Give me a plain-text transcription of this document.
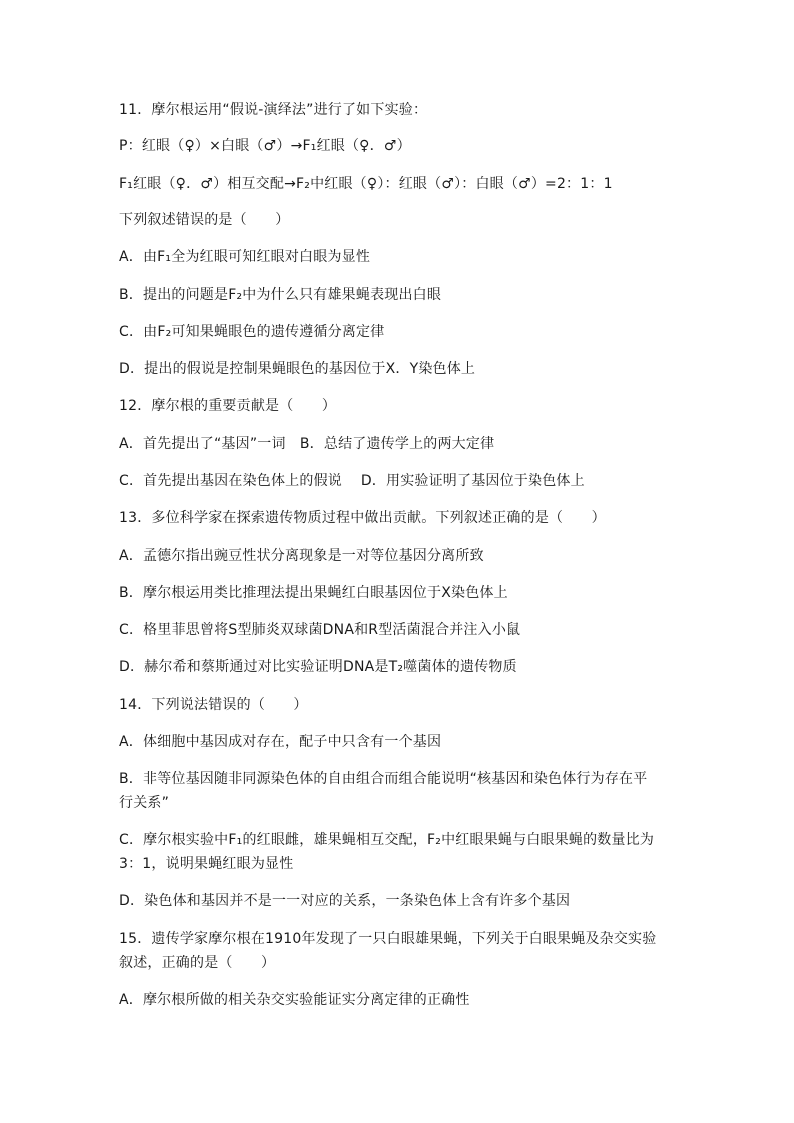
11．摩尔根运用“假说-演绎法”进行了如下实验：
P：红眼（♀）×白眼（♂）→F₁红眼（♀．♂）
F₁红眼（♀．♂）相互交配→F₂中红眼（♀）：红眼（♂）：白眼（♂）=2：1：1
下列叙述错误的是（　　）
A．由F₁全为红眼可知红眼对白眼为显性
B．提出的问题是F₂中为什么只有雄果蝇表现出白眼
C．由F₂可知果蝇眼色的遗传遵循分离定律
D．提出的假说是控制果蝇眼色的基因位于X．Y染色体上
12．摩尔根的重要贡献是（　　）
A．首先提出了“基因”一词　B．总结了遗传学上的两大定律
C．首先提出基因在染色体上的假说　 D．用实验证明了基因位于染色体上
13．多位科学家在探索遗传物质过程中做出贡献。下列叙述正确的是（　　）
A．孟德尔指出豌豆性状分离现象是一对等位基因分离所致
B．摩尔根运用类比推理法提出果蝇红白眼基因位于X染色体上
C．格里菲思曾将S型肺炎双球菌DNA和R型活菌混合并注入小鼠
D．赫尔希和蔡斯通过对比实验证明DNA是T₂噬菌体的遗传物质
14．下列说法错误的（　　）
A．体细胞中基因成对存在，配子中只含有一个基因
B．非等位基因随非同源染色体的自由组合而组合能说明“核基因和染色体行为存在平
行关系”
C．摩尔根实验中F₁的红眼雌，雄果蝇相互交配，F₂中红眼果蝇与白眼果蝇的数量比为
3：1，说明果蝇红眼为显性
D．染色体和基因并不是一一对应的关系，一条染色体上含有许多个基因
15．遗传学家摩尔根在1910年发现了一只白眼雄果蝇，下列关于白眼果蝇及杂交实验
叙述，正确的是（　　）
A．摩尔根所做的相关杂交实验能证实分离定律的正确性
